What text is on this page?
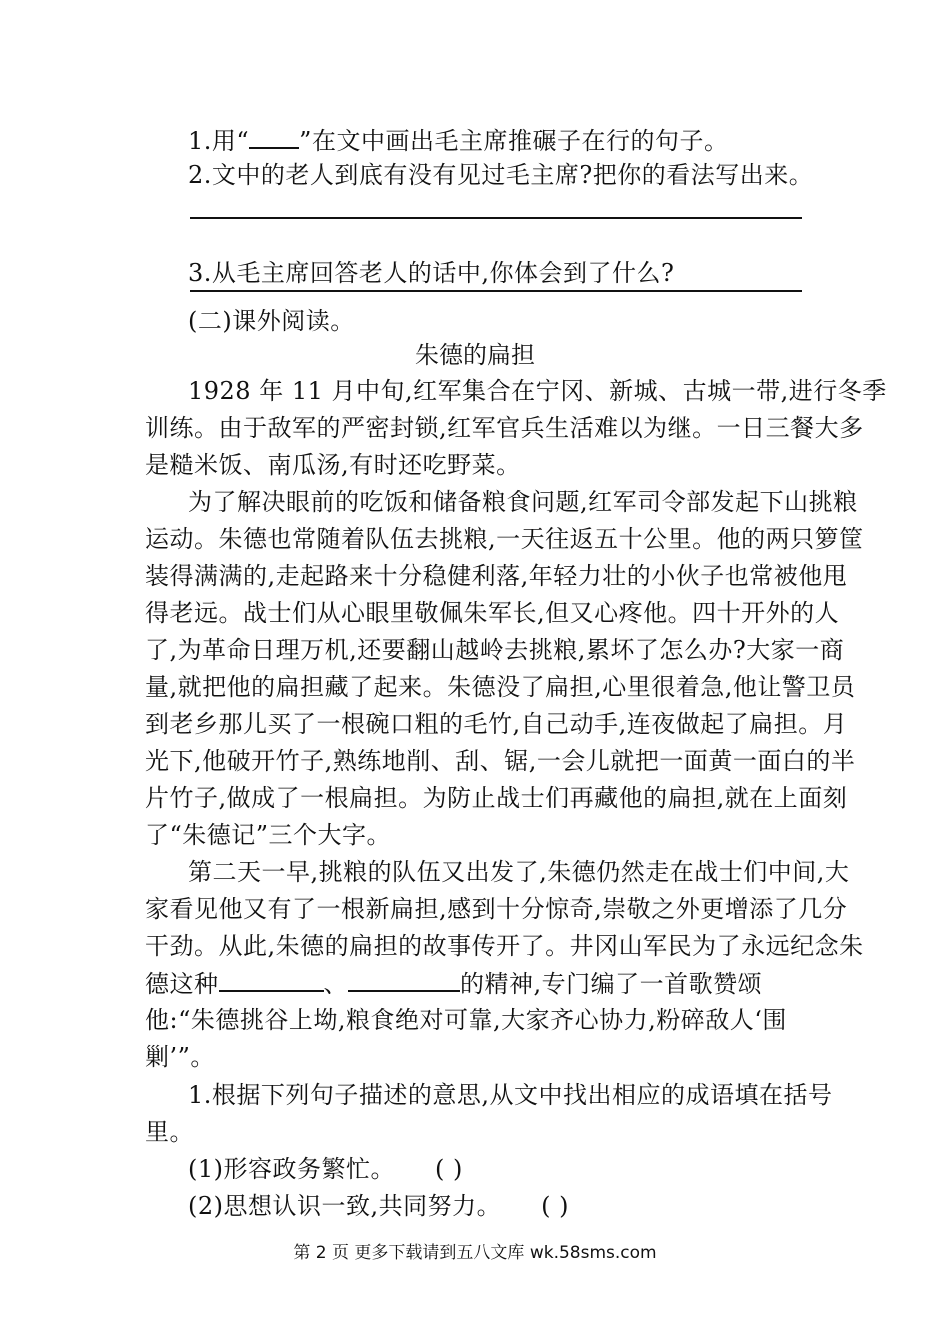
1.用“ ”在文中画出毛主席推碾子在行的句子。
2.文中的老人到底有没有见过毛主席?把你的看法写出来。
3.从毛主席回答老人的话中,你体会到了什么?
(二)课外阅读。
朱德的扁担
1928 年 11 月中旬,红军集合在宁冈、新城、古城一带,进行冬季
训练。由于敌军的严密封锁,红军官兵生活难以为继。一日三餐大多
是糙米饭、南瓜汤,有时还吃野菜。
为了解决眼前的吃饭和储备粮食问题,红军司令部发起下山挑粮
运动。朱德也常随着队伍去挑粮,一天往返五十公里。他的两只箩筐
装得满满的,走起路来十分稳健利落,年轻力壮的小伙子也常被他甩
得老远。战士们从心眼里敬佩朱军长,但又心疼他。四十开外的人
了,为革命日理万机,还要翻山越岭去挑粮,累坏了怎么办?大家一商
量,就把他的扁担藏了起来。朱德没了扁担,心里很着急,他让警卫员
到老乡那儿买了一根碗口粗的毛竹,自己动手,连夜做起了扁担。月
光下,他破开竹子,熟练地削、刮、锯,一会儿就把一面黄一面白的半
片竹子,做成了一根扁担。为防止战士们再藏他的扁担,就在上面刻
了“朱德记”三个大字。
第二天一早,挑粮的队伍又出发了,朱德仍然走在战士们中间,大
家看见他又有了一根新扁担,感到十分惊奇,崇敬之外更增添了几分
干劲。从此,朱德的扁担的故事传开了。井冈山军民为了永远纪念朱
德这种	、	的精神,专门编了一首歌赞颂
他:“朱德挑谷上坳,粮食绝对可靠,大家齐心协力,粉碎敌人‘围
剿’”。
1.根据下列句子描述的意思,从文中找出相应的成语填在括号
里。
(1)形容政务繁忙。 ( )
(2)思想认识一致,共同努力。 ( )
第 2 页 更多下载请到五八文库 wk.58sms.com
